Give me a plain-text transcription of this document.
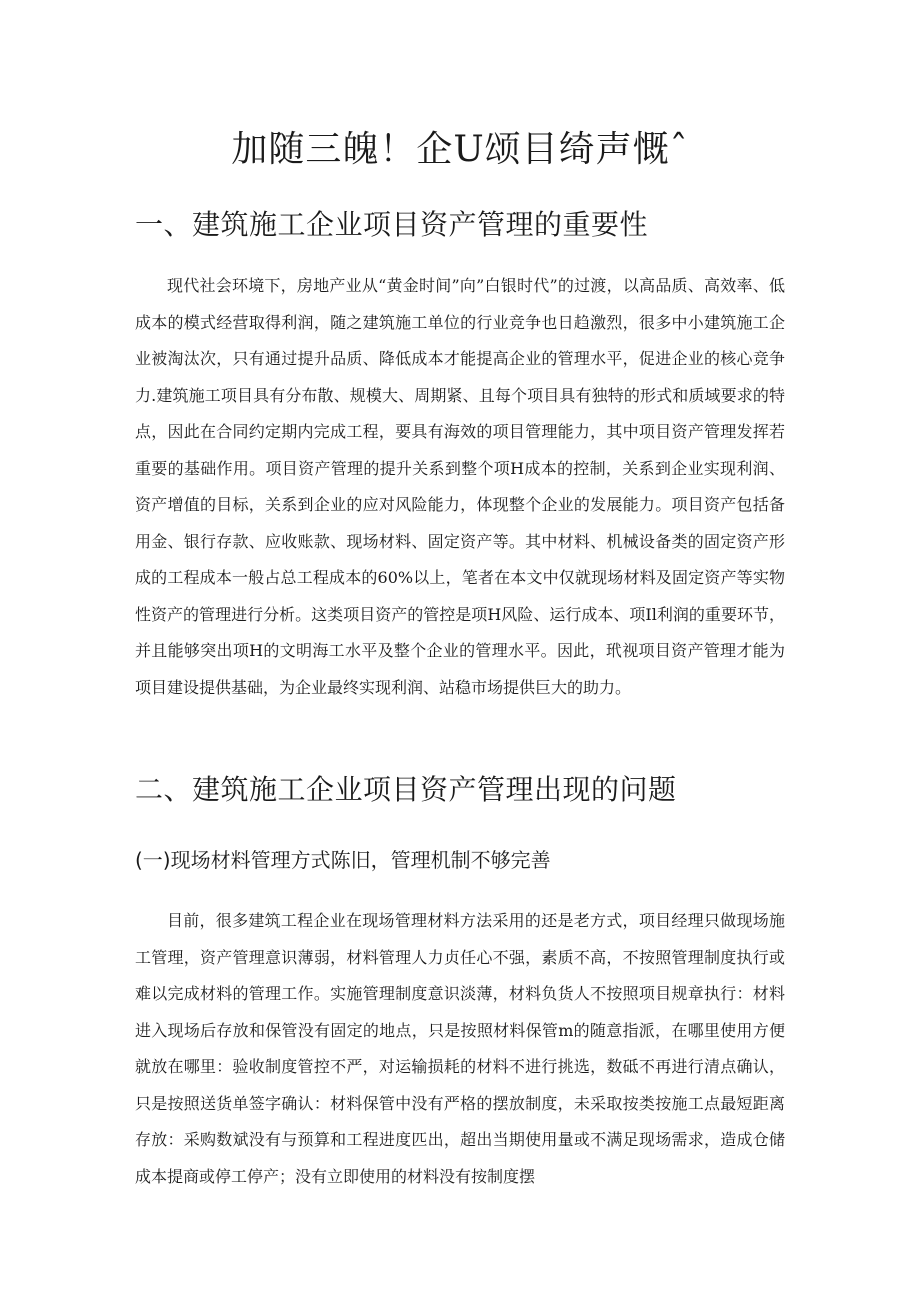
加随三魄！企U颂目绮声慨ˆ
一、建筑施工企业项目资产管理的重要性

现代社会环境下，房地产业从“黄金时间”向”白银时代”的过渡，以高品质、高效率、低成本的模式经营取得利润，随之建筑施工单位的行业竞争也日趋激烈，很多中小建筑施工企业被淘汰次，只有通过提升品质、降低成本才能提高企业的管理水平，促进企业的核心竞争力.建筑施工项目具有分布散、规模大、周期紧、且每个项目具有独特的形式和质域要求的特点，因此在合同约定期内完成工程，要具有海效的项目管理能力，其中项目资产管理发挥若重要的基础作用。项目资产管理的提升关系到整个项H成本的控制，关系到企业实现利润、资产增值的目标，关系到企业的应对风险能力，体现整个企业的发展能力。项目资产包括备用金、银行存款、应收账款、现场材料、固定资产等。其中材料、机械设备类的固定资产形成的工程成本一般占总工程成本的60%以上，笔者在本文中仅就现场材料及固定资产等实物性资产的管理进行分析。这类项目资产的管控是项H风险、运行成本、项Il利润的重要环节，并且能够突出项H的文明海工水平及整个企业的管理水平。因此，玳视项目资产管理才能为项目建设提供基础，为企业最终实现利润、站稳市场提供巨大的助力。

二、建筑施工企业项目资产管理出现的问题
(一)现场材料管理方式陈旧，管理机制不够完善

目前，很多建筑工程企业在现场管理材料方法采用的还是老方式，项目经理只做现场施工管理，资产管理意识薄弱，材料管理人力贞任心不强，素质不高，不按照管理制度执行或难以完成材料的管理工作。实施管理制度意识淡薄，材料负货人不按照项目规章执行：材料进入现场后存放和保管没有固定的地点，只是按照材料保管m的随意指派，在哪里使用方便就放在哪里：验收制度管控不严，对运输损耗的材料不进行挑选，数砥不再进行清点确认，只是按照送货单签字确认：材料保管中没有严格的摆放制度，未采取按类按施工点最短距离存放：采购数斌没有与预算和工程进度匹出，超出当期使用量或不满足现场需求，造成仓储成本提商或停工停产；没有立即使用的材料没有按制度摆
